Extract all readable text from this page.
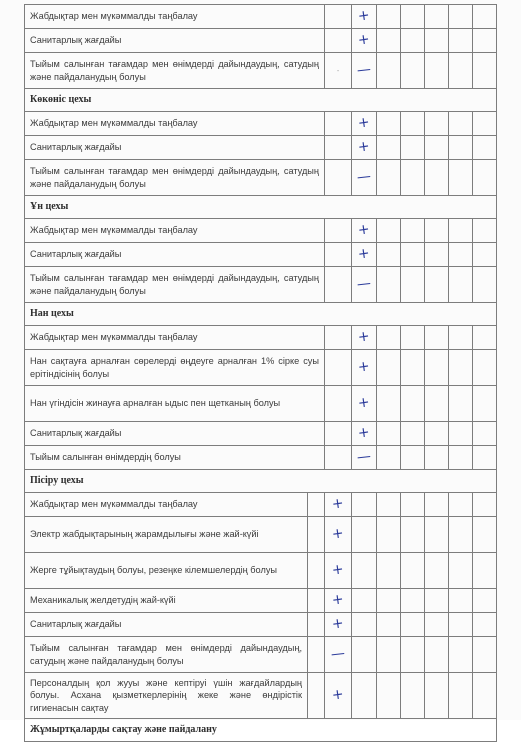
Жабдықтар мен мүкәммалды таңбалау			+					
Санитарлық жағдайы			+					
Тыйым салынған тағамдар мен өнімдерді дайындаудың, сатудың және пайдаланудың болуы		-	—					
Көкөніс цехы								
Жабдықтар мен мүкәммалды таңбалау			+					
Санитарлық жағдайы			+					
Тыйым салынған тағамдар мен өнімдерді дайындаудың, сатудың және пайдаланудың болуы			—					
Ұн цехы								
Жабдықтар мен мүкәммалды таңбалау			+					
Санитарлық жағдайы			+					
Тыйым салынған тағамдар мен өнімдерді дайындаудың, сатудың және пайдаланудың болуы			—					
Нан цехы								
Жабдықтар мен мүкәммалды таңбалау			+					
Нан сақтауға арналған сөрелерді өңдеуге арналған 1% сірке суы ерітіндісінің болуы			+					
Нан үгіндісін жинауға арналған ыдыс пен щетканың болуы			+					
Санитарлық жағдайы			+					
Тыйым салынған өнімдердің болуы			—					
Пісіру цехы								
Жабдықтар мен мүкәммалды таңбалау		+						
Электр жабдықтарының жарамдылығы және жай-күйі		+						
Жерге тұйықтаудың болуы, резеңке кілемшелердің болуы		+						
Механикалық желдетудің жай-күйі		+						
Санитарлық жағдайы		+						
Тыйым салынған тағамдар мен өнімдерді дайындаудың, сатудың және пайдаланудың болуы		—						
Персоналдың қол жууы және кептіруі үшін жағдайлардың болуы. Асхана қызметкерлерінің жеке және өндірістік гигиенасын сақтау		+						
Жұмыртқаларды сақтау және пайдалану								
